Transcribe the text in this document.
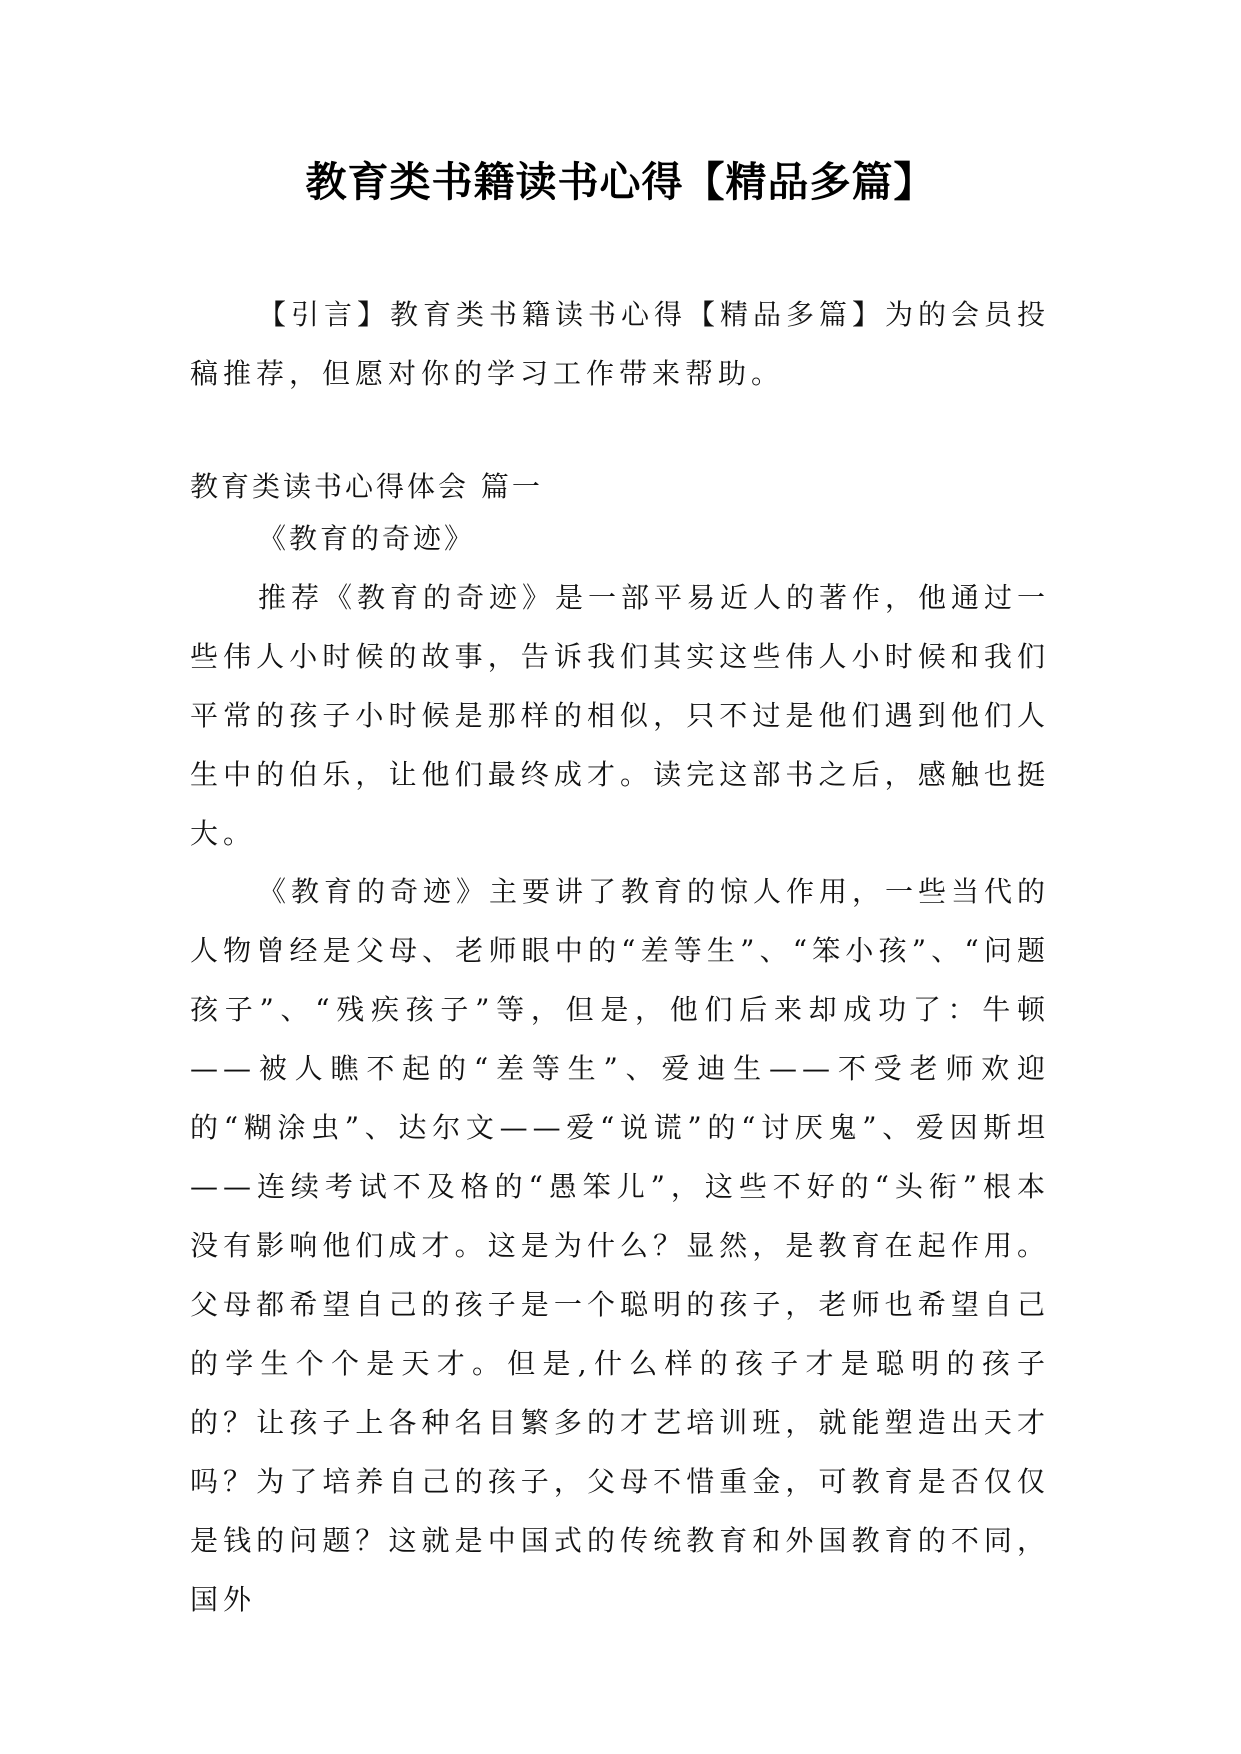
教育类书籍读书心得【精品多篇】

【引言】教育类书籍读书心得【精品多篇】为的会员投稿推荐，但愿对你的学习工作带来帮助。

教育类读书心得体会 篇一

《教育的奇迹》

推荐《教育的奇迹》是一部平易近人的著作，他通过一些伟人小时候的故事，告诉我们其实这些伟人小时候和我们平常的孩子小时候是那样的相似，只不过是他们遇到他们人生中的伯乐，让他们最终成才。读完这部书之后，感触也挺大。

《教育的奇迹》主要讲了教育的惊人作用，一些当代的人物曾经是父母、老师眼中的“差等生”、“笨小孩”、“问题孩子”、“残疾孩子”等，但是，他们后来却成功了：牛顿——被人瞧不起的“差等生”、爱迪生——不受老师欢迎的“糊涂虫”、达尔文——爱“说谎”的“讨厌鬼”、爱因斯坦——连续考试不及格的“愚笨儿”，这些不好的“头衔”根本没有影响他们成才。这是为什么？显然，是教育在起作用。父母都希望自己的孩子是一个聪明的孩子，老师也希望自己的学生个个是天才。但是,什么样的孩子才是聪明的孩子的？让孩子上各种名目繁多的才艺培训班，就能塑造出天才吗？为了培养自己的孩子，父母不惜重金，可教育是否仅仅是钱的问题？这就是中国式的传统教育和外国教育的不同，国外
